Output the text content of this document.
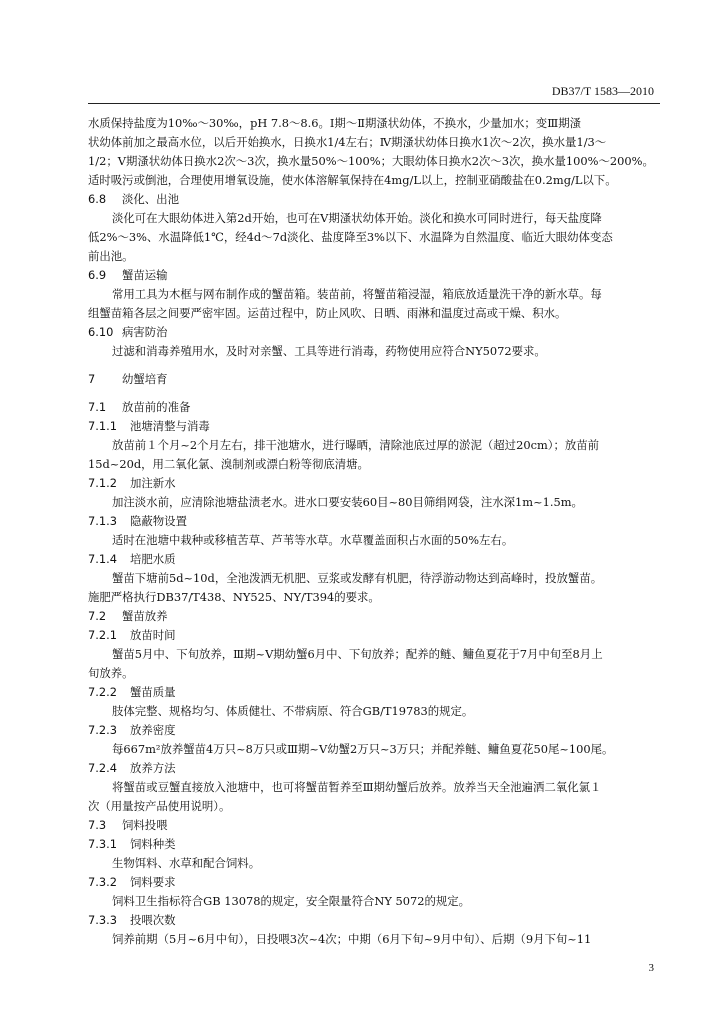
DB37/T 1583—2010
水质保持盐度为10‰～30‰，pH 7.8～8.6。Ⅰ期～Ⅱ期溞状幼体，不换水，少量加水；变Ⅲ期溞
状幼体前加之最高水位，以后开始换水，日换水1/4左右；Ⅳ期溞状幼体日换水1次～2次，换水量1/3～
1/2；Ⅴ期溞状幼体日换水2次～3次，换水量50%～100%；大眼幼体日换水2次～3次，换水量100%～200%。
适时吸污或倒池，合理使用增氧设施，使水体溶解氧保持在4mg/L以上，控制亚硝酸盐在0.2mg/L以下。
6.8 淡化、出池
淡化可在大眼幼体进入第2d开始，也可在Ⅴ期溞状幼体开始。淡化和换水可同时进行，每天盐度降
低2%～3%、水温降低1℃，经4d～7d淡化、盐度降至3%以下、水温降为自然温度、临近大眼幼体变态
前出池。
6.9 蟹苗运输
常用工具为木框与网布制作成的蟹苗箱。装苗前，将蟹苗箱浸湿，箱底放适量洗干净的新水草。每
组蟹苗箱各层之间要严密牢固。运苗过程中，防止风吹、日晒、雨淋和温度过高或干燥、积水。
6.10 病害防治
过滤和消毒养殖用水，及时对亲蟹、工具等进行消毒，药物使用应符合NY5072要求。
7 幼蟹培育
7.1 放苗前的准备
7.1.1 池塘清整与消毒
放苗前１个月~2个月左右，排干池塘水，进行曝晒，清除池底过厚的淤泥（超过20cm）；放苗前
15d~20d，用二氧化氯、溴制剂或漂白粉等彻底清塘。
7.1.2 加注新水
加注淡水前，应清除池塘盐渍老水。进水口要安装60目~80目筛绢网袋，注水深1m~1.5m。
7.1.3 隐蔽物设置
适时在池塘中栽种或移植苦草、芦苇等水草。水草覆盖面积占水面的50%左右。
7.1.4 培肥水质
蟹苗下塘前5d~10d，全池泼洒无机肥、豆浆或发酵有机肥，待浮游动物达到高峰时，投放蟹苗。
施肥严格执行DB37/T438、NY525、NY/T394的要求。
7.2 蟹苗放养
7.2.1 放苗时间
蟹苗5月中、下旬放养，Ⅲ期~Ⅴ期幼蟹6月中、下旬放养；配养的鲢、鳙鱼夏花于7月中旬至8月上
旬放养。
7.2.2 蟹苗质量
肢体完整、规格均匀、体质健壮、不带病原、符合GB/T19783的规定。
7.2.3 放养密度
每667m²放养蟹苗4万只~8万只或Ⅲ期~Ⅴ幼蟹2万只~3万只；并配养鲢、鳙鱼夏花50尾~100尾。
7.2.4 放养方法
将蟹苗或豆蟹直接放入池塘中，也可将蟹苗暂养至Ⅲ期幼蟹后放养。放养当天全池遍洒二氧化氯１
次（用量按产品使用说明）。
7.3 饲料投喂
7.3.1 饲料种类
生物饵料、水草和配合饲料。
7.3.2 饲料要求
饲料卫生指标符合GB 13078的规定，安全限量符合NY 5072的规定。
7.3.3 投喂次数
饲养前期（5月~6月中旬），日投喂3次~4次；中期（6月下旬~9月中旬）、后期（9月下旬~11
3
